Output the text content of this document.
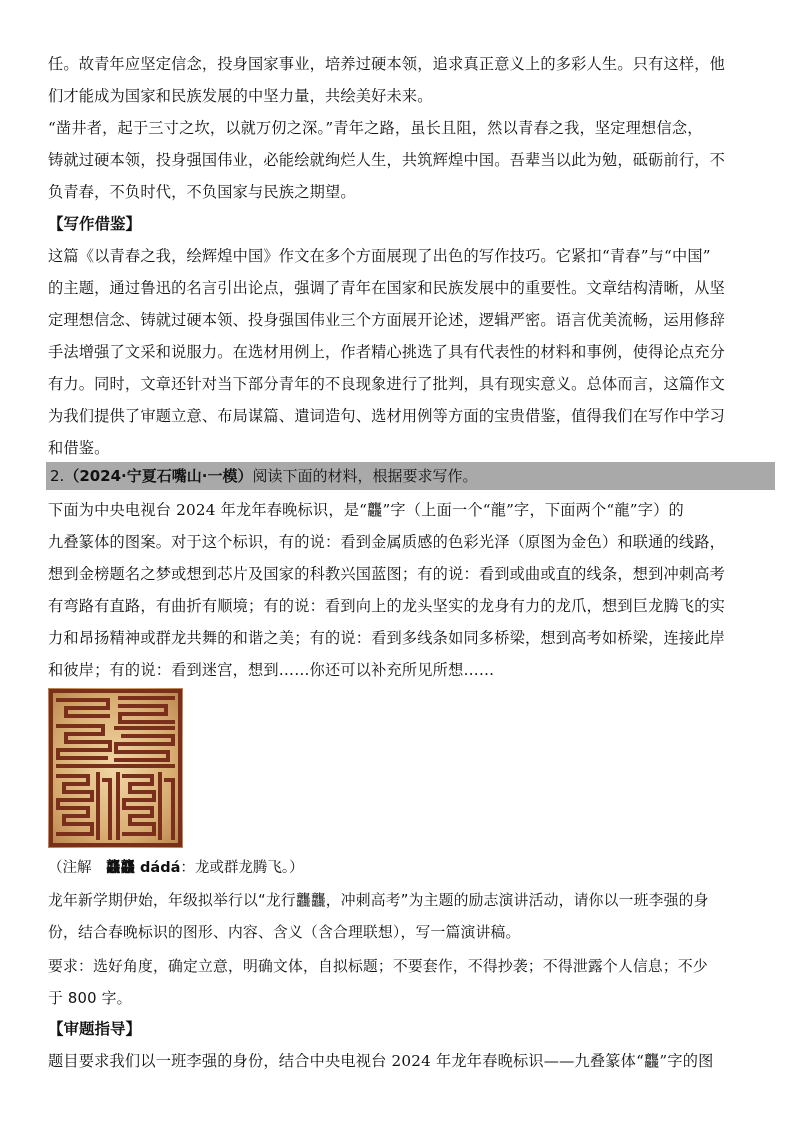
任。故青年应坚定信念，投身国家事业，培养过硬本领，追求真正意义上的多彩人生。只有这样，他
们才能成为国家和民族发展的中坚力量，共绘美好未来。
“凿井者，起于三寸之坎，以就万仞之深。”青年之路，虽长且阻，然以青春之我，坚定理想信念，
铸就过硬本领，投身强国伟业，必能绘就绚烂人生，共筑辉煌中国。吾辈当以此为勉，砥砺前行，不
负青春，不负时代，不负国家与民族之期望。
【写作借鉴】
这篇《以青春之我，绘辉煌中国》作文在多个方面展现了出色的写作技巧。它紧扣“青春”与“中国”
的主题，通过鲁迅的名言引出论点，强调了青年在国家和民族发展中的重要性。文章结构清晰，从坚
定理想信念、铸就过硬本领、投身强国伟业三个方面展开论述，逻辑严密。语言优美流畅，运用修辞
手法增强了文采和说服力。在选材用例上，作者精心挑选了具有代表性的材料和事例，使得论点充分
有力。同时，文章还针对当下部分青年的不良现象进行了批判，具有现实意义。总体而言，这篇作文
为我们提供了审题立意、布局谋篇、遣词造句、选材用例等方面的宝贵借鉴，值得我们在写作中学习
和借鉴。
2.（2024·宁夏石嘴山·一模）阅读下面的材料，根据要求写作。
下面为中央电视台 2024 年龙年春晚标识，是“龘”字（上面一个“龍”字，下面两个“龍”字）的
九叠篆体的图案。对于这个标识，有的说：看到金属质感的色彩光泽（原图为金色）和联通的线路，
想到金榜题名之梦或想到芯片及国家的科教兴国蓝图；有的说：看到或曲或直的线条，想到冲刺高考
有弯路有直路，有曲折有顺境；有的说：看到向上的龙头坚实的龙身有力的龙爪，想到巨龙腾飞的实
力和昂扬精神或群龙共舞的和谐之美；有的说：看到多线条如同多桥梁，想到高考如桥梁，连接此岸
和彼岸；有的说：看到迷宫，想到……你还可以补充所见所想……
（注解　龘龘 dádá：龙或群龙腾飞。）
龙年新学期伊始，年级拟举行以“龙行龘龘，冲刺高考”为主题的励志演讲活动，请你以一班李强的身
份，结合春晚标识的图形、内容、含义（含合理联想），写一篇演讲稿。
要求：选好角度，确定立意，明确文体，自拟标题；不要套作，不得抄袭；不得泄露个人信息；不少
于 800 字。
【审题指导】
题目要求我们以一班李强的身份，结合中央电视台 2024 年龙年春晚标识——九叠篆体“龘”字的图
